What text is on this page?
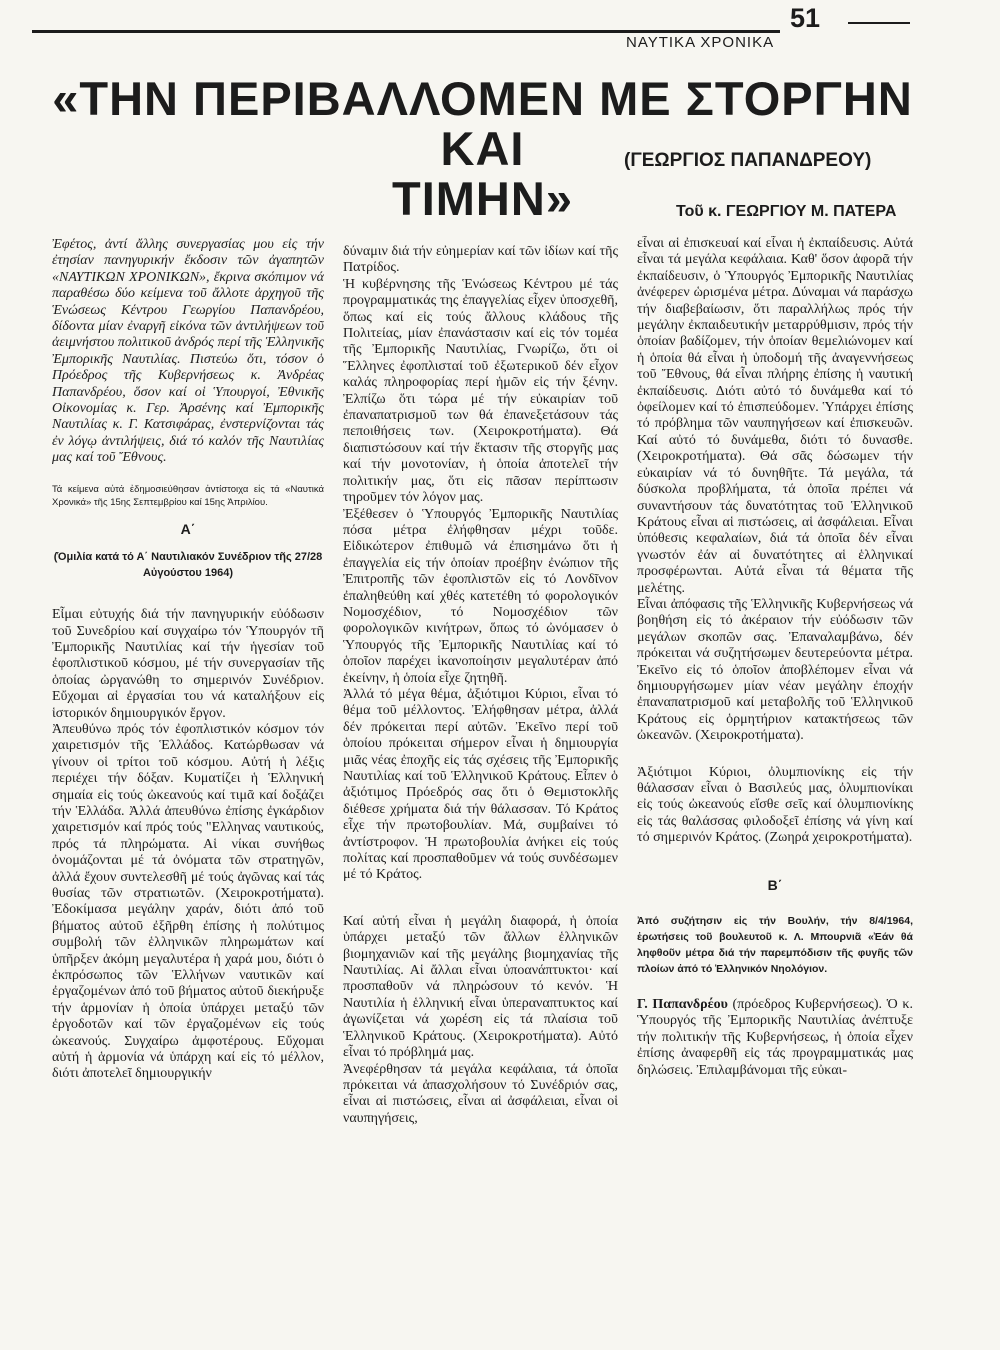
51
ΝΑΥΤΙΚΑ ΧΡΟΝΙΚΑ
«ΤΗΝ ΠΕΡΙΒΑΛΛΟΜΕΝ ΜΕ ΣΤΟΡΓΗΝ ΚΑΙ
ΤΙΜΗΝ»
(ΓΕΩΡΓΙΟΣ ΠΑΠΑΝΔΡΕΟΥ)
Τοῦ κ. ΓΕΩΡΓΙΟΥ Μ. ΠΑΤΕΡΑ

Ἐφέτος, ἀντί ἄλλης συνεργασίας μου εἰς τήν ἐτησίαν πανηγυρικήν ἔκδοσιν τῶν ἀγαπητῶν «ΝΑΥΤΙΚΩΝ ΧΡΟΝΙΚΩΝ», ἔκρινα σκόπιμον νά παραθέσω δύο κείμενα τοῦ ἄλλοτε ἀρχηγοῦ τῆς Ἑνώσεως Κέντρου Γεωργίου Παπανδρέου, δίδοντα μίαν ἐναργῆ εἰκόνα τῶν ἀντιλήψεων τοῦ ἀειμνήστου πολιτικοῦ ἀνδρός περί τῆς Ἑλληνικῆς Ἐμπορικῆς Ναυτιλίας. Πιστεύω ὅτι, τόσον ὁ Πρόεδρος τῆς Κυβερνήσεως κ. Ἀνδρέας Παπανδρέου, ὅσον καί οἱ Ὑπουργοί, Ἐθνικῆς Οἰκονομίας κ. Γερ. Ἀρσένης καί Ἐμπορικῆς Ναυτιλίας κ. Γ. Κατσιφάρας, ἐνστερνίζονται τάς ἐν λόγῳ ἀντιλήψεις, διά τό καλόν τῆς Ναυτιλίας μας καί τοῦ Ἔθνους.

Τά κείμενα αὐτά ἐδημοσιεύθησαν ἀντίστοιχα εἰς τά «Ναυτικά Χρονικά» τῆς 15ης Σεπτεμβρίου καί 15ης Ἀπριλίου.

Α΄

(Ὁμιλία κατά τό Α΄ Ναυτιλιακόν Συνέδριον τῆς 27/28 Αὐγούστου 1964)

Εἶμαι εὐτυχής διά τήν πανηγυρικήν εὐόδωσιν τοῦ Συνεδρίου καί συγχαίρω τόν Ὑπουργόν τῆ Ἐμπορικῆς Ναυτιλίας καί τήν ἡγεσίαν τοῦ ἐφοπλιστικοῦ κόσμου, μέ τήν συνεργασίαν τῆς ὁποίας ὠργανώθη το σημερινόν Συνέδριον. Εὔχομαι αἱ ἐργασίαι του νά καταλήξουν εἰς ἱστορικόν δημιουργικόν ἔργον.

Ἀπευθύνω πρός τόν ἐφοπλιστικόν κόσμον τόν χαιρετισμόν τῆς Ἑλλάδος. Κατώρθωσαν νά γίνουν οἱ τρίτοι τοῦ κόσμου. Αὐτή ἡ λέξις περιέχει τήν δόξαν. Κυματίζει ἡ Ἑλληνική σημαία εἰς τούς ὠκεανούς καί τιμᾶ καί δοξάζει τήν Ἑλλάδα. Ἀλλά ἀπευθύνω ἐπίσης ἐγκάρδιον χαιρετισμόν καί πρός τούς "Ελληνας ναυτικούς, πρός τά πληρώματα. Αἱ νίκαι συνήθως ὀνομάζονται μέ τά ὀνόματα τῶν στρατηγῶν, ἀλλά ἔχουν συντελεσθῆ μέ τούς ἀγῶνας καί τάς θυσίας τῶν στρατιωτῶν. (Χειροκροτήματα). Ἐδοκίμασα μεγάλην χαράν, διότι ἀπό τοῦ βήματος αὐτοῦ ἐξῆρθη ἐπίσης ἡ πολύτιμος συμβολή τῶν ἑλληνικῶν πληρωμάτων καί ὑπῆρξεν ἀκόμη μεγαλυτέρα ἡ χαρά μου, διότι ὁ ἐκπρόσωπος τῶν Ἑλλήνων ναυτικῶν καί ἐργαζομένων ἀπό τοῦ βήματος αὐτοῦ διεκήρυξε τήν ἁρμονίαν ἡ ὁποία ὑπάρχει μεταξύ τῶν ἐργοδοτῶν καί τῶν ἐργαζομένων εἰς τούς ὠκεανούς. Συγχαίρω ἀμφοτέρους. Εὔχομαι αὐτή ἡ ἁρμονία νά ὑπάρχη καί εἰς τό μέλλον, διότι ἀποτελεῖ δημιουργικήν

δύναμιν διά τήν εὐημερίαν καί τῶν ἰδίων καί τῆς Πατρίδος.

Ἡ κυβέρνησης τῆς Ἑνώσεως Κέντρου μέ τάς προγραμματικάς της ἐπαγγελίας εἶχεν ὑποσχεθῆ, ὅπως καί εἰς τούς ἄλλους κλάδους τῆς Πολιτείας, μίαν ἐπανάστασιν καί εἰς τόν τομέα τῆς Ἐμπορικῆς Ναυτιλίας, Γνωρίζω, ὅτι οἱ Ἕλληνες ἐφοπλισταί τοῦ ἐξωτερικοῦ δέν εἶχον καλάς πληροφορίας περί ἡμῶν εἰς τήν ξένην. Ἐλπίζω ὅτι τώρα μέ τήν εὐκαιρίαν τοῦ ἐπαναπατρισμοῦ των θά ἐπανεξετάσουν τάς πεποιθήσεις των. (Χειροκροτήματα). Θά διαπιστώσουν καί τήν ἔκτασιν τῆς στοργῆς μας καί τήν μονοτονίαν, ἡ ὁποία ἀποτελεῖ τήν πολιτικήν μας, ὅτι εἰς πᾶσαν περίπτωσιν τηροῦμεν τόν λόγον μας.

Ἐξέθεσεν ὁ Ὑπουργός Ἐμπορικῆς Ναυτιλίας πόσα μέτρα ἐλήφθησαν μέχρι τοῦδε. Εἰδικώτερον ἐπιθυμῶ νά ἐπισημάνω ὅτι ἡ ἐπαγγελία εἰς τήν ὁποίαν προέβην ἐνώπιον τῆς Ἐπιτροπῆς τῶν ἐφοπλιστῶν εἰς τό Λονδῖνον ἐπαληθεύθη καί χθές κατετέθη τό φορολογικόν Νομοσχέδιον, τό Νομοσχέδιον τῶν φορολογικῶν κινήτρων, ὅπως τό ὠνόμασεν ὁ Ὑπουργός τῆς Ἐμπορικῆς Ναυτιλίας καί τό ὁποῖον παρέχει ἱκανοποίησιν μεγαλυτέραν ἀπό ἐκείνην, ἡ ὁποία εἶχε ζητηθῆ.

Ἀλλά τό μέγα θέμα, ἀξιότιμοι Κύριοι, εἶναι τό θέμα τοῦ μέλλοντος. Ἐλήφθησαν μέτρα, ἀλλά δέν πρόκειται περί αὐτῶν. Ἐκεῖνο περί τοῦ ὁποίου πρόκειται σήμερον εἶναι ἡ δημιουργία μιᾶς νέας ἐποχῆς εἰς τάς σχέσεις τῆς Ἐμπορικῆς Ναυτιλίας καί τοῦ Ἑλληνικοῦ Κράτους. Εἶπεν ὁ ἀξιότιμος Πρόεδρός σας ὅτι ὁ Θεμιστοκλῆς διέθεσε χρήματα διά τήν θάλασσαν. Τό Κράτος εἶχε τήν πρωτοβουλίαν. Μά, συμβαίνει τό ἀντίστροφον. Ἡ πρωτοβουλία ἀνήκει εἰς τούς πολίτας καί προσπαθοῦμεν νά τούς συνδέσωμεν μέ τό Κράτος.

Καί αὐτή εἶναι ἡ μεγάλη διαφορά, ἡ ὁποία ὑπάρχει μεταξύ τῶν ἄλλων ἑλληνικῶν βιομηχανιῶν καί τῆς μεγάλης βιομηχανίας τῆς Ναυτιλίας. Αἱ ἄλλαι εἶναι ὑποανάπτυκτοι· καί προσπαθοῦν νά πληρώσουν τό κενόν. Ἡ Ναυτιλία ἡ ἑλληνική εἶναι ὑπεραναπτυκτος καί ἀγωνίζεται νά χωρέση εἰς τά πλαίσια τοῦ Ἑλληνικοῦ Κράτους. (Χειροκροτήματα). Αὐτό εἶναι τό πρόβλημά μας.

Ἀνεφέρθησαν τά μεγάλα κεφάλαια, τά ὁποῖα πρόκειται νά ἀπασχολήσουν τό Συνέδριόν σας, εἶναι αἱ πιστώσεις, εἶναι αἱ ἀσφάλειαι, εἶναι οἱ ναυπηγήσεις,

εἶναι αἱ ἐπισκευαί καί εἶναι ἡ ἐκπαίδευσις. Αὐτά εἶναι τά μεγάλα κεφάλαια. Καθ' ὅσον ἀφορᾶ τήν ἐκπαίδευσιν, ὁ Ὑπουργός Ἐμπορικῆς Ναυτιλίας ἀνέφερεν ὡρισμένα μέτρα. Δύναμαι νά παράσχω τήν διαβεβαίωσιν, ὅτι παραλλήλως πρός τήν μεγάλην ἐκπαιδευτικήν μεταρρύθμισιν, πρός τήν ὁποίαν βαδίζομεν, τήν ὁποίαν θεμελιώνομεν καί ἡ ὁποία θά εἶναι ἡ ὑποδομή τῆς ἀναγεννήσεως τοῦ Ἔθνους, θά εἶναι πλήρης ἐπίσης ἡ ναυτική ἐκπαίδευσις. Διότι αὐτό τό δυνάμεθα καί τό ὀφείλομεν καί τό ἐπισπεύδομεν. Ὑπάρχει ἐπίσης τό πρόβλημα τῶν ναυπηγήσεων καί ἐπισκευῶν. Καί αὐτό τό δυνάμεθα, διότι τό δυνασθε. (Χειροκροτήματα). Θά σᾶς δώσωμεν τήν εὐκαιρίαν νά τό δυνηθῆτε. Τά μεγάλα, τά δύσκολα προβλήματα, τά ὁποῖα πρέπει νά συναντήσουν τάς δυνατότητας τοῦ Ἑλληνικοῦ Κράτους εἶναι αἱ πιστώσεις, αἱ ἀσφάλειαι. Εἶναι ὑπόθεσις κεφαλαίων, διά τά ὁποῖα δέν εἶναι γνωστόν ἐάν αἱ δυνατότητες αἱ ἑλληνικαί προσφέρωνται. Αὐτά εἶναι τά θέματα τῆς μελέτης.

Εἶναι ἀπόφασις τῆς Ἑλληνικῆς Κυβερνήσεως νά βοηθήση εἰς τό ἀκέραιον τήν εὐόδωσιν τῶν μεγάλων σκοπῶν σας. Ἐπαναλαμβάνω, δέν πρόκειται νά συζητήσωμεν δευτερεύοντα μέτρα. Ἐκεῖνο εἰς τό ὁποῖον ἀποβλέπομεν εἶναι νά δημιουργήσωμεν μίαν νέαν μεγάλην ἐποχήν ἐπαναπατρισμοῦ καί μεταβολῆς τοῦ Ἑλληνικοῦ Κράτους εἰς ὁρμητήριον κατακτήσεως τῶν ὠκεανῶν. (Χειροκροτήματα).

Ἀξιότιμοι Κύριοι, ὀλυμπιονίκης εἰς τήν θάλασσαν εἶναι ὁ Βασιλεύς μας, ὀλυμπιονίκαι εἰς τούς ὠκεανούς εἴσθε σεῖς καί ὀλυμπιονίκης εἰς τάς θαλάσσας φιλοδοξεῖ ἐπίσης νά γίνη καί τό σημερινόν Κράτος. (Ζωηρά χειροκροτήματα).

Β΄

Ἀπό συζήτησιν εἰς τήν Βουλήν, τήν 8/4/1964, ἐρωτήσεις τοῦ βουλευτοῦ κ. Λ. Μπουρνιᾶ «Ἐάν θά ληφθοῦν μέτρα διά τήν παρεμπόδισιν τῆς φυγῆς τῶν πλοίων ἀπό τό Ἑλληνικόν Νηολόγιον.

Γ. Παπανδρέου (πρόεδρος Κυβερνήσεως). Ὁ κ. Ὑπουργός τῆς Ἐμπορικῆς Ναυτιλίας ἀνέπτυξε τήν πολιτικήν τῆς Κυβερνήσεως, ἡ ὁποία εἶχεν ἐπίσης ἀναφερθῆ εἰς τάς προγραμματικάς μας δηλώσεις. Ἐπιλαμβάνομαι τῆς εὐκαι-
